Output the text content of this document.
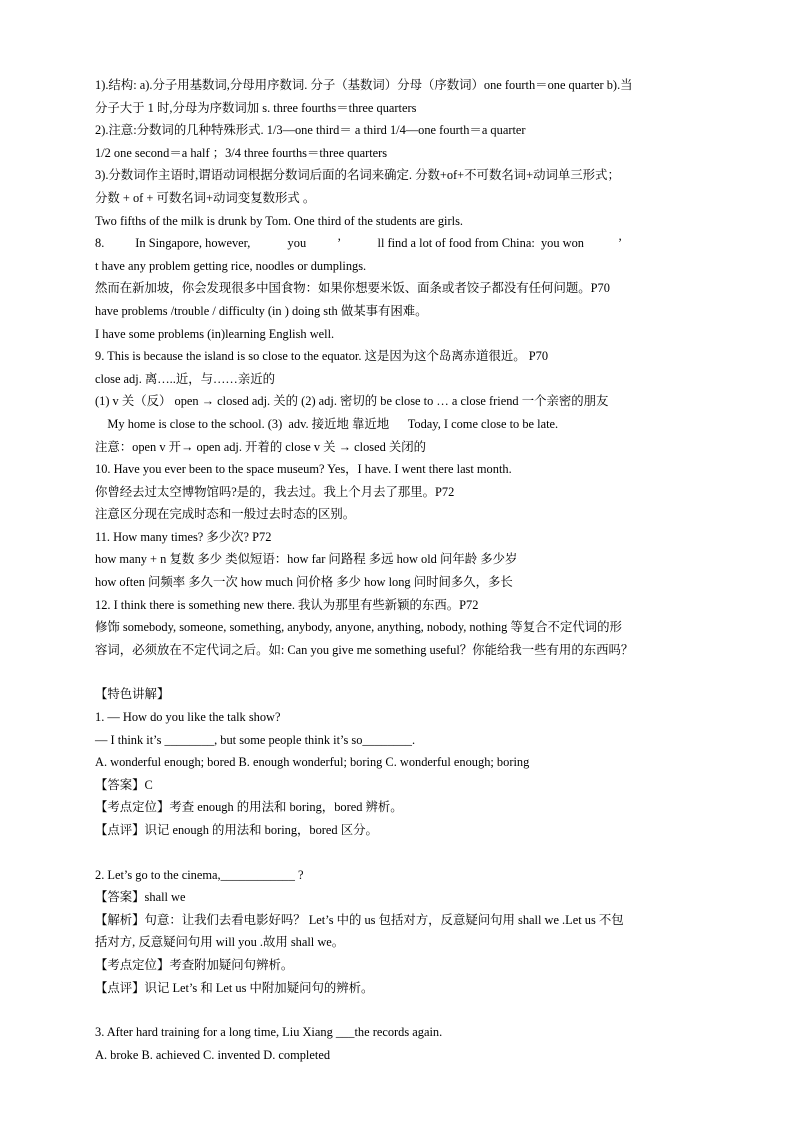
1).结构: a).分子用基数词,分母用序数词. 分子（基数词）分母（序数词）one fourth＝one quarter b).当
分子大于 1 时,分母为序数词加 s. three fourths＝three quarters
2).注意:分数词的几种特殊形式. 1/3—one third＝ a third 1/4—one fourth＝a quarter
1/2 one second＝a half ；3/4 three fourths＝three quarters
3).分数词作主语时,谓语动词根据分数词后面的名词来确定. 分数+of+不可数名词+动词单三形式；
分数 + of + 可数名词+动词变复数形式 。
Two fifths of the milk is drunk by Tom. One third of the students are girls.
8.          In Singapore, however,            you          ’            ll find a lot of food from China:  you won           ’
t have any problem getting rice, noodles or dumplings.
然而在新加坡，你会发现很多中国食物：如果你想要米饭、面条或者饺子都没有任何问题。P70
have problems /trouble / difficulty (in ) doing sth 做某事有困难。
I have some problems (in)learning English well.
9. This is because the island is so close to the equator. 这是因为这个岛离赤道很近。 P70
close adj. 离…..近，与……亲近的
(1) v 关（反） open → closed adj. 关的 (2) adj. 密切的 be close to … a close friend 一个亲密的朋友
My home is close to the school. (3)  adv. 接近地 靠近地      Today, I come close to be late.
注意：open v 开→ open adj. 开着的 close v 关 → closed 关闭的
10. Have you ever been to the space museum? Yes，I have. I went there last month.
你曾经去过太空博物馆吗?是的，我去过。我上个月去了那里。P72
注意区分现在完成时态和一般过去时态的区别。
11. How many times? 多少次? P72
how many + n 复数 多少 类似短语：how far 问路程 多远 how old 问年龄 多少岁
how often 问频率 多久一次 how much 问价格 多少 how long 问时间多久，多长
12. I think there is something new there. 我认为那里有些新颖的东西。P72
修饰 somebody, someone, something, anybody, anyone, anything, nobody, nothing 等复合不定代词的形
容词，必须放在不定代词之后。如: Can you give me something useful？你能给我一些有用的东西吗？
【特色讲解】
1. — How do you like the talk show?
— I think it’s ________, but some people think it’s so________.
A. wonderful enough; bored B. enough wonderful; boring C. wonderful enough; boring
【答案】C
【考点定位】考查 enough 的用法和 boring，bored 辨析。
【点评】识记 enough 的用法和 boring，bored 区分。
2. Let’s go to the cinema,____________ ?
【答案】shall we
【解析】句意：让我们去看电影好吗？ Let’s 中的 us 包括对方，反意疑问句用 shall we .Let us 不包
括对方, 反意疑问句用 will you .故用 shall we。
【考点定位】考查附加疑问句辨析。
【点评】识记 Let’s 和 Let us 中附加疑问句的辨析。
3. After hard training for a long time, Liu Xiang ___the records again.
A. broke B. achieved C. invented D. completed
